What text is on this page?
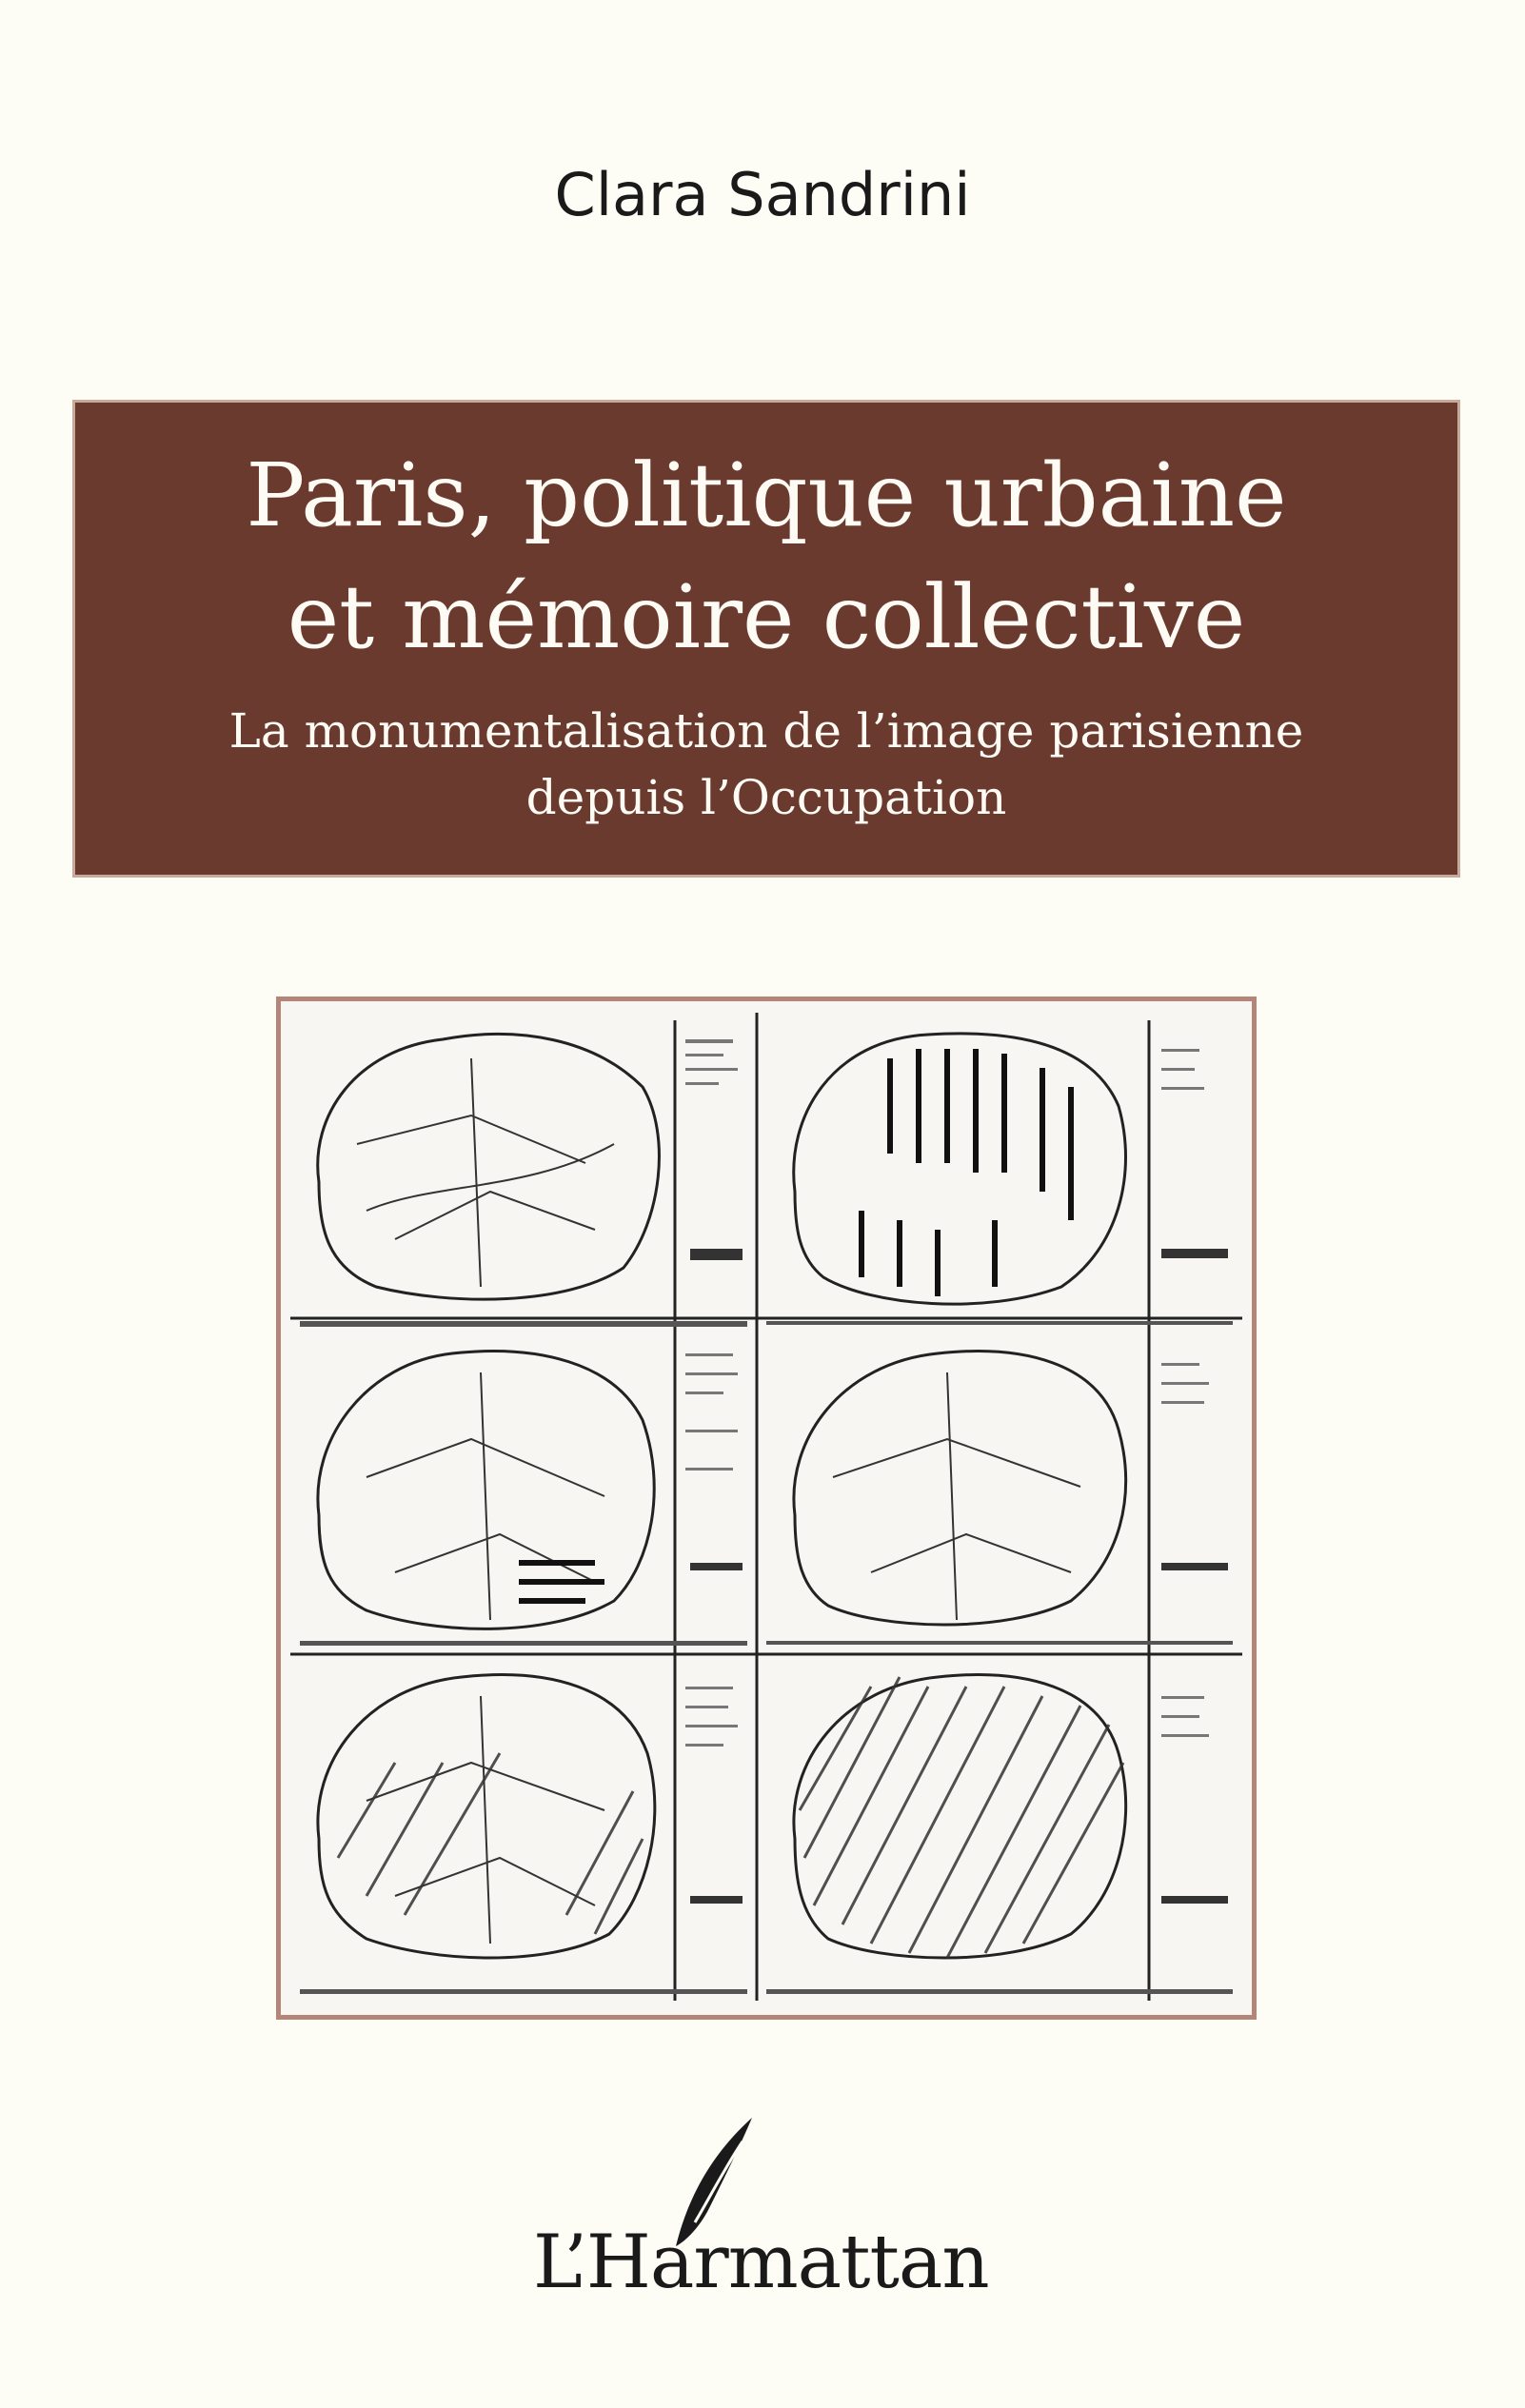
Clara Sandrini
Paris, politique urbaine
et mémoire collective
La monumentalisation de l’image parisienne
depuis l’Occupation
L’Harmattan
